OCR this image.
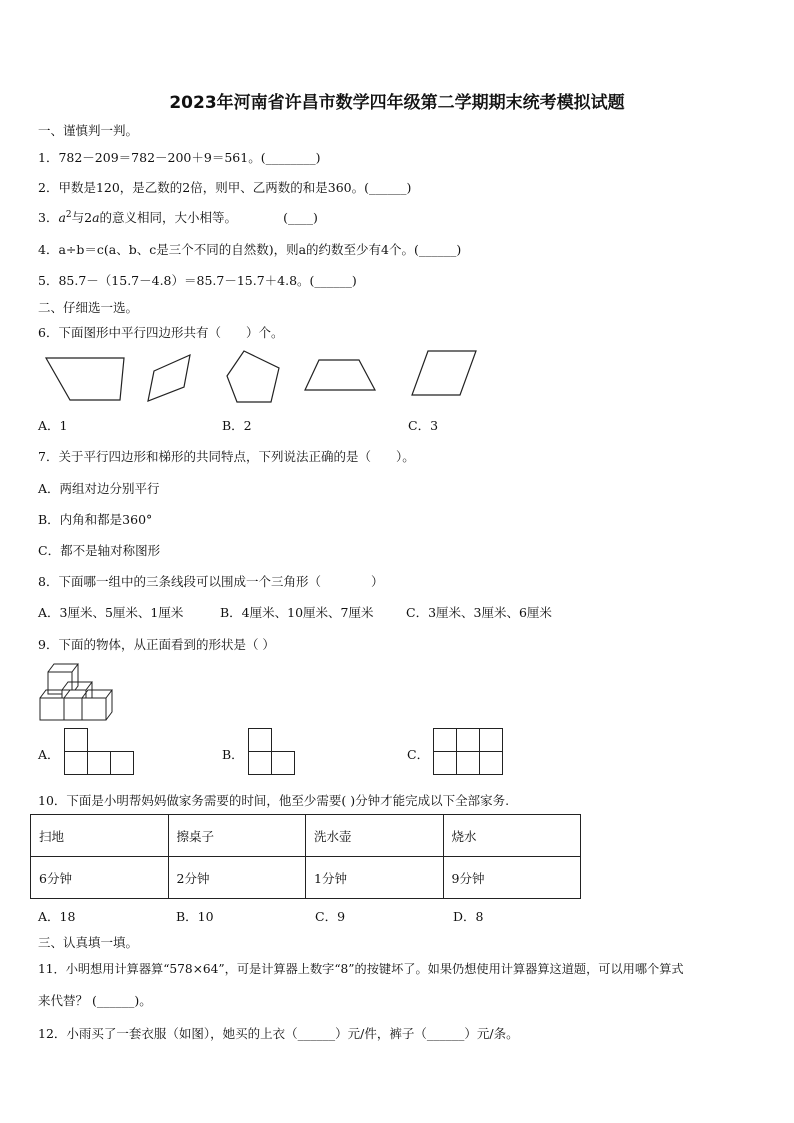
2023年河南省许昌市数学四年级第二学期期末统考模拟试题
一、谨慎判一判。
1．782－209＝782－200＋9＝561。(________)
2．甲数是120，是乙数的2倍，则甲、乙两数的和是360。(______)
3．$a^2$与2a的意义相同，大小相等。	(____)
4．a÷b＝c(a、b、c是三个不同的自然数)，则a的约数至少有4个。(______)
5．85.7－（15.7－4.8）＝85.7－15.7＋4.8。(______)
二、仔细选一选。
6．下面图形中平行四边形共有（　　）个。
A．1	B．2	C．3
7．关于平行四边形和梯形的共同特点，下列说法正确的是（　　）。
A．两组对边分别平行
B．内角和都是360°
C．都不是轴对称图形
8．下面哪一组中的三条线段可以围成一个三角形（　　　　）
A．3厘米、5厘米、1厘米	B．4厘米、10厘米、7厘米	C．3厘米、3厘米、6厘米
9．下面的物体，从正面看到的形状是（ ）
A．	B．	C．
10．下面是小明帮妈妈做家务需要的时间，他至少需要( )分钟才能完成以下全部家务.
扫地	擦桌子	洗水壶	烧水
6分钟	2分钟	1分钟	9分钟
A．18	B．10	C．9	D．8
三、认真填一填。
11．小明想用计算器算“578×64”，可是计算器上数字“8”的按键坏了。如果仍想使用计算器算这道题，可以用哪个算式
来代替？ (______)。
12．小雨买了一套衣服（如图），她买的上衣（______）元/件，裤子（______）元/条。
